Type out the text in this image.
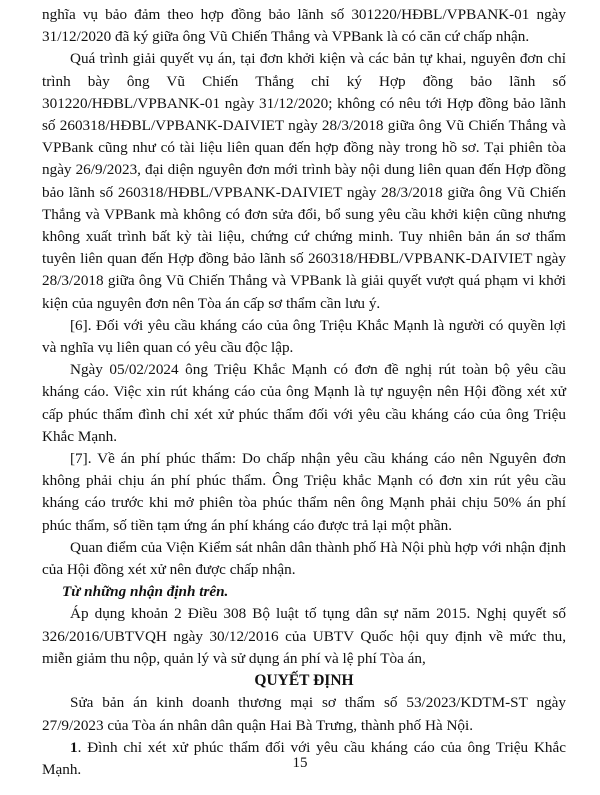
nghĩa vụ bảo đảm theo hợp đồng bảo lãnh số 301220/HĐBL/VPBANK-01 ngày 31/12/2020 đã ký giữa ông Vũ Chiến Thắng và VPBank là có căn cứ chấp nhận.

Quá trình giải quyết vụ án, tại đơn khởi kiện và các bản tự khai, nguyên đơn chỉ trình bày ông Vũ Chiến Thắng chỉ ký Hợp đồng bảo lãnh số 301220/HĐBL/VPBANK-01 ngày 31/12/2020; không có nêu tới Hợp đồng bảo lãnh số 260318/HĐBL/VPBANK-DAIVIET ngày 28/3/2018 giữa ông Vũ Chiến Thắng và VPBank cũng như có tài liệu liên quan đến hợp đồng này trong hồ sơ. Tại phiên tòa ngày 26/9/2023, đại diện nguyên đơn mới trình bày nội dung liên quan đến Hợp đồng bảo lãnh số 260318/HĐBL/VPBANK-DAIVIET ngày 28/3/2018 giữa ông Vũ Chiến Thắng và VPBank mà không có đơn sửa đổi, bổ sung yêu cầu khởi kiện cũng nhưng không xuất trình bất kỳ tài liệu, chứng cứ chứng minh. Tuy nhiên bản án sơ thẩm tuyên liên quan đến Hợp đồng bảo lãnh số 260318/HĐBL/VPBANK-DAIVIET ngày 28/3/2018 giữa ông Vũ Chiến Thắng và VPBank là giải quyết vượt quá phạm vi khởi kiện của nguyên đơn nên Tòa án cấp sơ thẩm cần lưu ý.

[6]. Đối với yêu cầu kháng cáo của ông Triệu Khắc Mạnh là người có quyền lợi và nghĩa vụ liên quan có yêu cầu độc lập.

Ngày 05/02/2024 ông Triệu Khắc Mạnh có đơn đề nghị rút toàn bộ yêu cầu kháng cáo. Việc xin rút kháng cáo của ông Mạnh là tự nguyện nên Hội đồng xét xử cấp phúc thẩm đình chỉ xét xử phúc thẩm đối với yêu cầu kháng cáo của ông Triệu Khắc Mạnh.

[7]. Về án phí phúc thẩm: Do chấp nhận yêu cầu kháng cáo nên Nguyên đơn không phải chịu án phí phúc thẩm. Ông Triệu khắc Mạnh có đơn xin rút yêu cầu kháng cáo trước khi mở phiên tòa phúc thẩm nên ông Mạnh phải chịu 50% án phí phúc thẩm, số tiền tạm ứng án phí kháng cáo được trả lại một phần.

Quan điểm của Viện Kiểm sát nhân dân thành phố Hà Nội phù hợp với nhận định của Hội đồng xét xử nên được chấp nhận.

Từ những nhận định trên.

Áp dụng khoản 2 Điều 308 Bộ luật tố tụng dân sự năm 2015. Nghị quyết số 326/2016/UBTVQH ngày 30/12/2016 của UBTV Quốc hội quy định về mức thu, miễn giảm thu nộp, quản lý và sử dụng án phí và lệ phí Tòa án,

QUYẾT ĐỊNH

Sửa bản án kinh doanh thương mại sơ thẩm số 53/2023/KDTM-ST ngày 27/9/2023 của Tòa án nhân dân quận Hai Bà Trưng, thành phố Hà Nội.

1. Đình chỉ xét xử phúc thẩm đối với yêu cầu kháng cáo của ông Triệu Khắc Mạnh.	15
